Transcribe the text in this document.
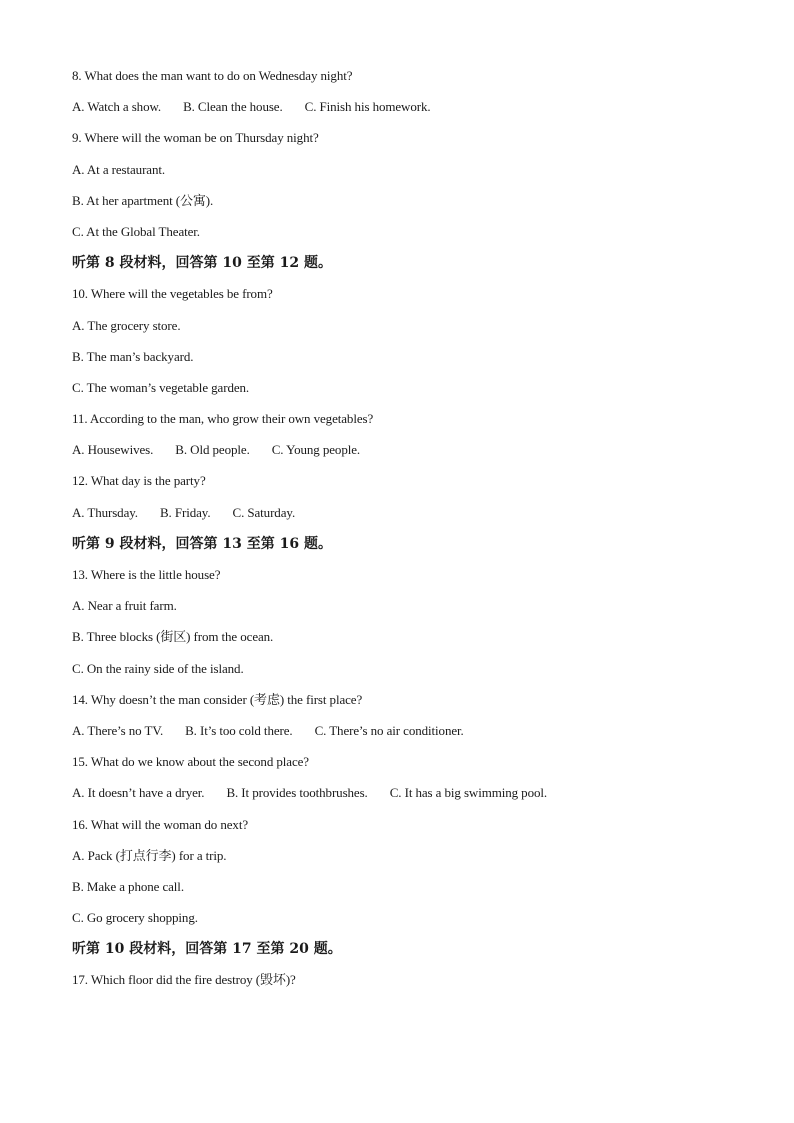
8. What does the man want to do on Wednesday night?
A. Watch a show. B. Clean the house. C. Finish his homework.
9. Where will the woman be on Thursday night?
A. At a restaurant.
B. At her apartment (公寓).
C. At the Global Theater.
听第 8 段材料，回答第 10 至第 12 题。
10. Where will the vegetables be from?
A. The grocery store.
B. The man’s backyard.
C. The woman’s vegetable garden.
11. According to the man, who grow their own vegetables?
A. Housewives. B. Old people. C. Young people.
12. What day is the party?
A. Thursday. B. Friday. C. Saturday.
听第 9 段材料，回答第 13 至第 16 题。
13. Where is the little house?
A. Near a fruit farm.
B. Three blocks (街区) from the ocean.
C. On the rainy side of the island.
14. Why doesn’t the man consider (考虑) the first place?
A. There’s no TV. B. It’s too cold there. C. There’s no air conditioner.
15. What do we know about the second place?
A. It doesn’t have a dryer. B. It provides toothbrushes. C. It has a big swimming pool.
16. What will the woman do next?
A. Pack (打点行李) for a trip.
B. Make a phone call.
C. Go grocery shopping.
听第 10 段材料，回答第 17 至第 20 题。
17. Which floor did the fire destroy (毁坏)?
